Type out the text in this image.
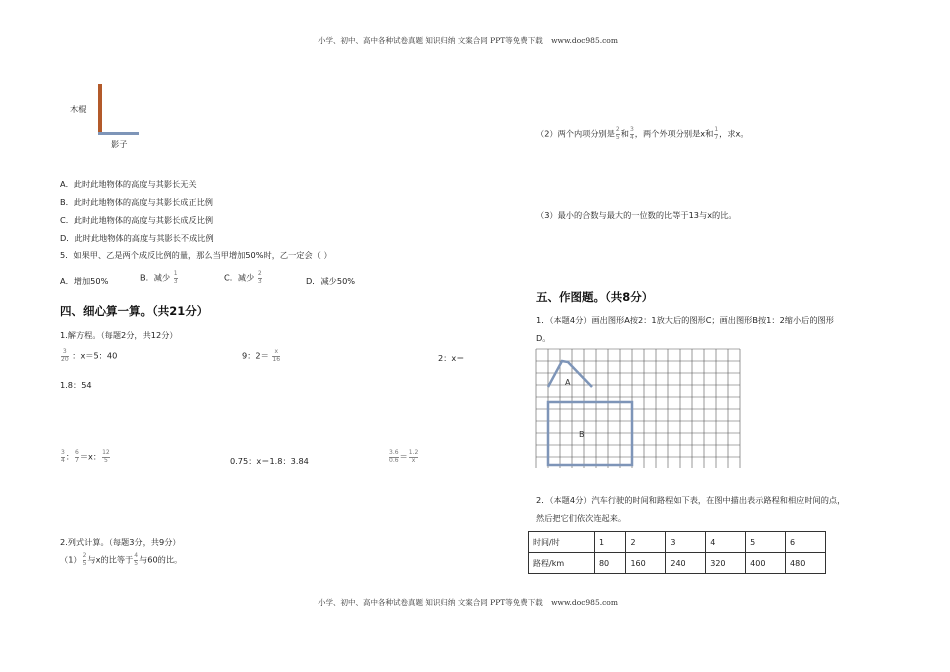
小学、初中、高中各种试卷真题 知识归纳 文案合同 PPT等免费下载 www.doc985.com
木棍
影子
A．此时此地物体的高度与其影长无关
B．此时此地物体的高度与其影长成正比例
C．此时此地物体的高度与其影长成反比例
D．此时此地物体的高度与其影长不成比例
5．如果甲、乙是两个成反比例的量，那么当甲增加50%时，乙一定会（ ）
A．增加50%	B．减少 $\frac{1}{3}$	C．减少 $\frac{2}{3}$	D．减少50%
四、细心算一算。（共21分）
1.解方程。（每题2分，共12分）
$\frac{3}{20}$ ：x＝5：40	9：$2= \frac{x}{16}$	2：x＝
1.8：54
$\frac{3}{4}$ ： $\frac{6}{7} =x$： $\frac{12}{5}$	0.75：x＝1.8：3.84	$\frac{3.6}{0.6} = \frac{1.2}{x}$
2.列式计算。（每题3分，共9分）
$(1) \frac{2}{5}$ 与x的比等于 $\frac{4}{5}$ 与60的比。
（2）两个内项分别是 $\frac{2}{5}$ 和 $\frac{3}{4}$ ，两个外项分别是x和 $\frac{1}{7}$ ，求x。
（3）最小的合数与最大的一位数的比等于13与x的比。
五、作图题。（共8分）
1．（本题4分）画出图形A按2：1放大后的图形C；画出图形B按1：2缩小后的图形
D。
A
B
2．（本题4分）汽车行驶的时间和路程如下表，在图中描出表示路程和相应时间的点，
然后把它们依次连起来。
时间/时	1	2	3	4	5	6
路程/km	80	160	240	320	400	480
小学、初中、高中各种试卷真题 知识归纳 文案合同 PPT等免费下载 www.doc985.com
